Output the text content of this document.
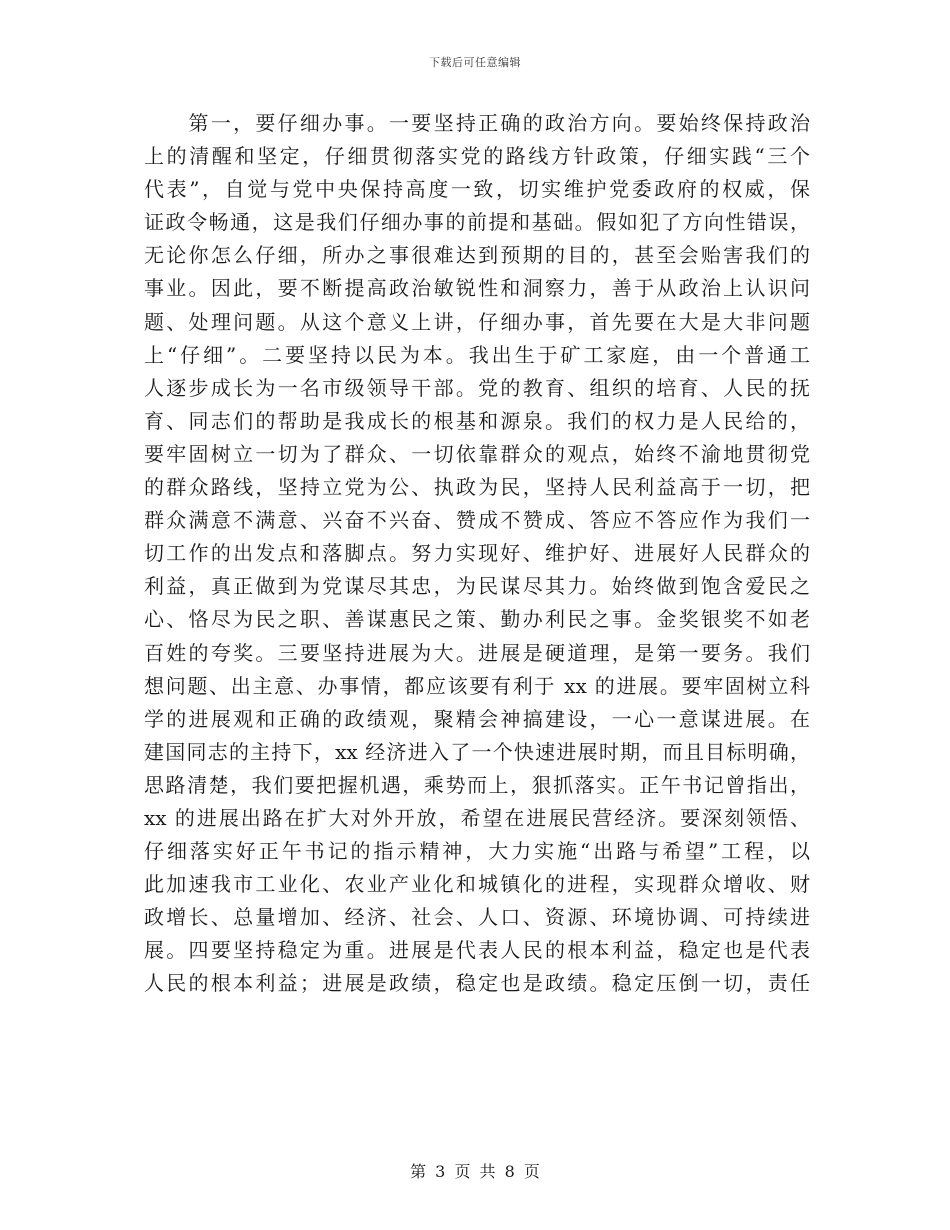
下载后可任意编辑
　　第一，要仔细办事。一要坚持正确的政治方向。要始终保持政治
上的清醒和坚定，仔细贯彻落实党的路线方针政策，仔细实践“三个
代表”，自觉与党中央保持高度一致，切实维护党委政府的权威，保
证政令畅通，这是我们仔细办事的前提和基础。假如犯了方向性错误，
无论你怎么仔细，所办之事很难达到预期的目的，甚至会贻害我们的
事业。因此，要不断提高政治敏锐性和洞察力，善于从政治上认识问
题、处理问题。从这个意义上讲，仔细办事，首先要在大是大非问题
上“仔细”。二要坚持以民为本。我出生于矿工家庭，由一个普通工
人逐步成长为一名市级领导干部。党的教育、组织的培育、人民的抚
育、同志们的帮助是我成长的根基和源泉。我们的权力是人民给的，
要牢固树立一切为了群众、一切依靠群众的观点，始终不渝地贯彻党
的群众路线，坚持立党为公、执政为民，坚持人民利益高于一切，把
群众满意不满意、兴奋不兴奋、赞成不赞成、答应不答应作为我们一
切工作的出发点和落脚点。努力实现好、维护好、进展好人民群众的
利益，真正做到为党谋尽其忠，为民谋尽其力。始终做到饱含爱民之
心、恪尽为民之职、善谋惠民之策、勤办利民之事。金奖银奖不如老
百姓的夸奖。三要坚持进展为大。进展是硬道理，是第一要务。我们
想问题、出主意、办事情，都应该要有利于 xx 的进展。要牢固树立科
学的进展观和正确的政绩观，聚精会神搞建设，一心一意谋进展。在
建国同志的主持下，xx 经济进入了一个快速进展时期，而且目标明确，
思路清楚，我们要把握机遇，乘势而上，狠抓落实。正午书记曾指出，
xx 的进展出路在扩大对外开放，希望在进展民营经济。要深刻领悟、
仔细落实好正午书记的指示精神，大力实施“出路与希望”工程，以
此加速我市工业化、农业产业化和城镇化的进程，实现群众增收、财
政增长、总量增加、经济、社会、人口、资源、环境协调、可持续进
展。四要坚持稳定为重。进展是代表人民的根本利益，稳定也是代表
人民的根本利益；进展是政绩，稳定也是政绩。稳定压倒一切，责任
第 3 页 共 8 页
